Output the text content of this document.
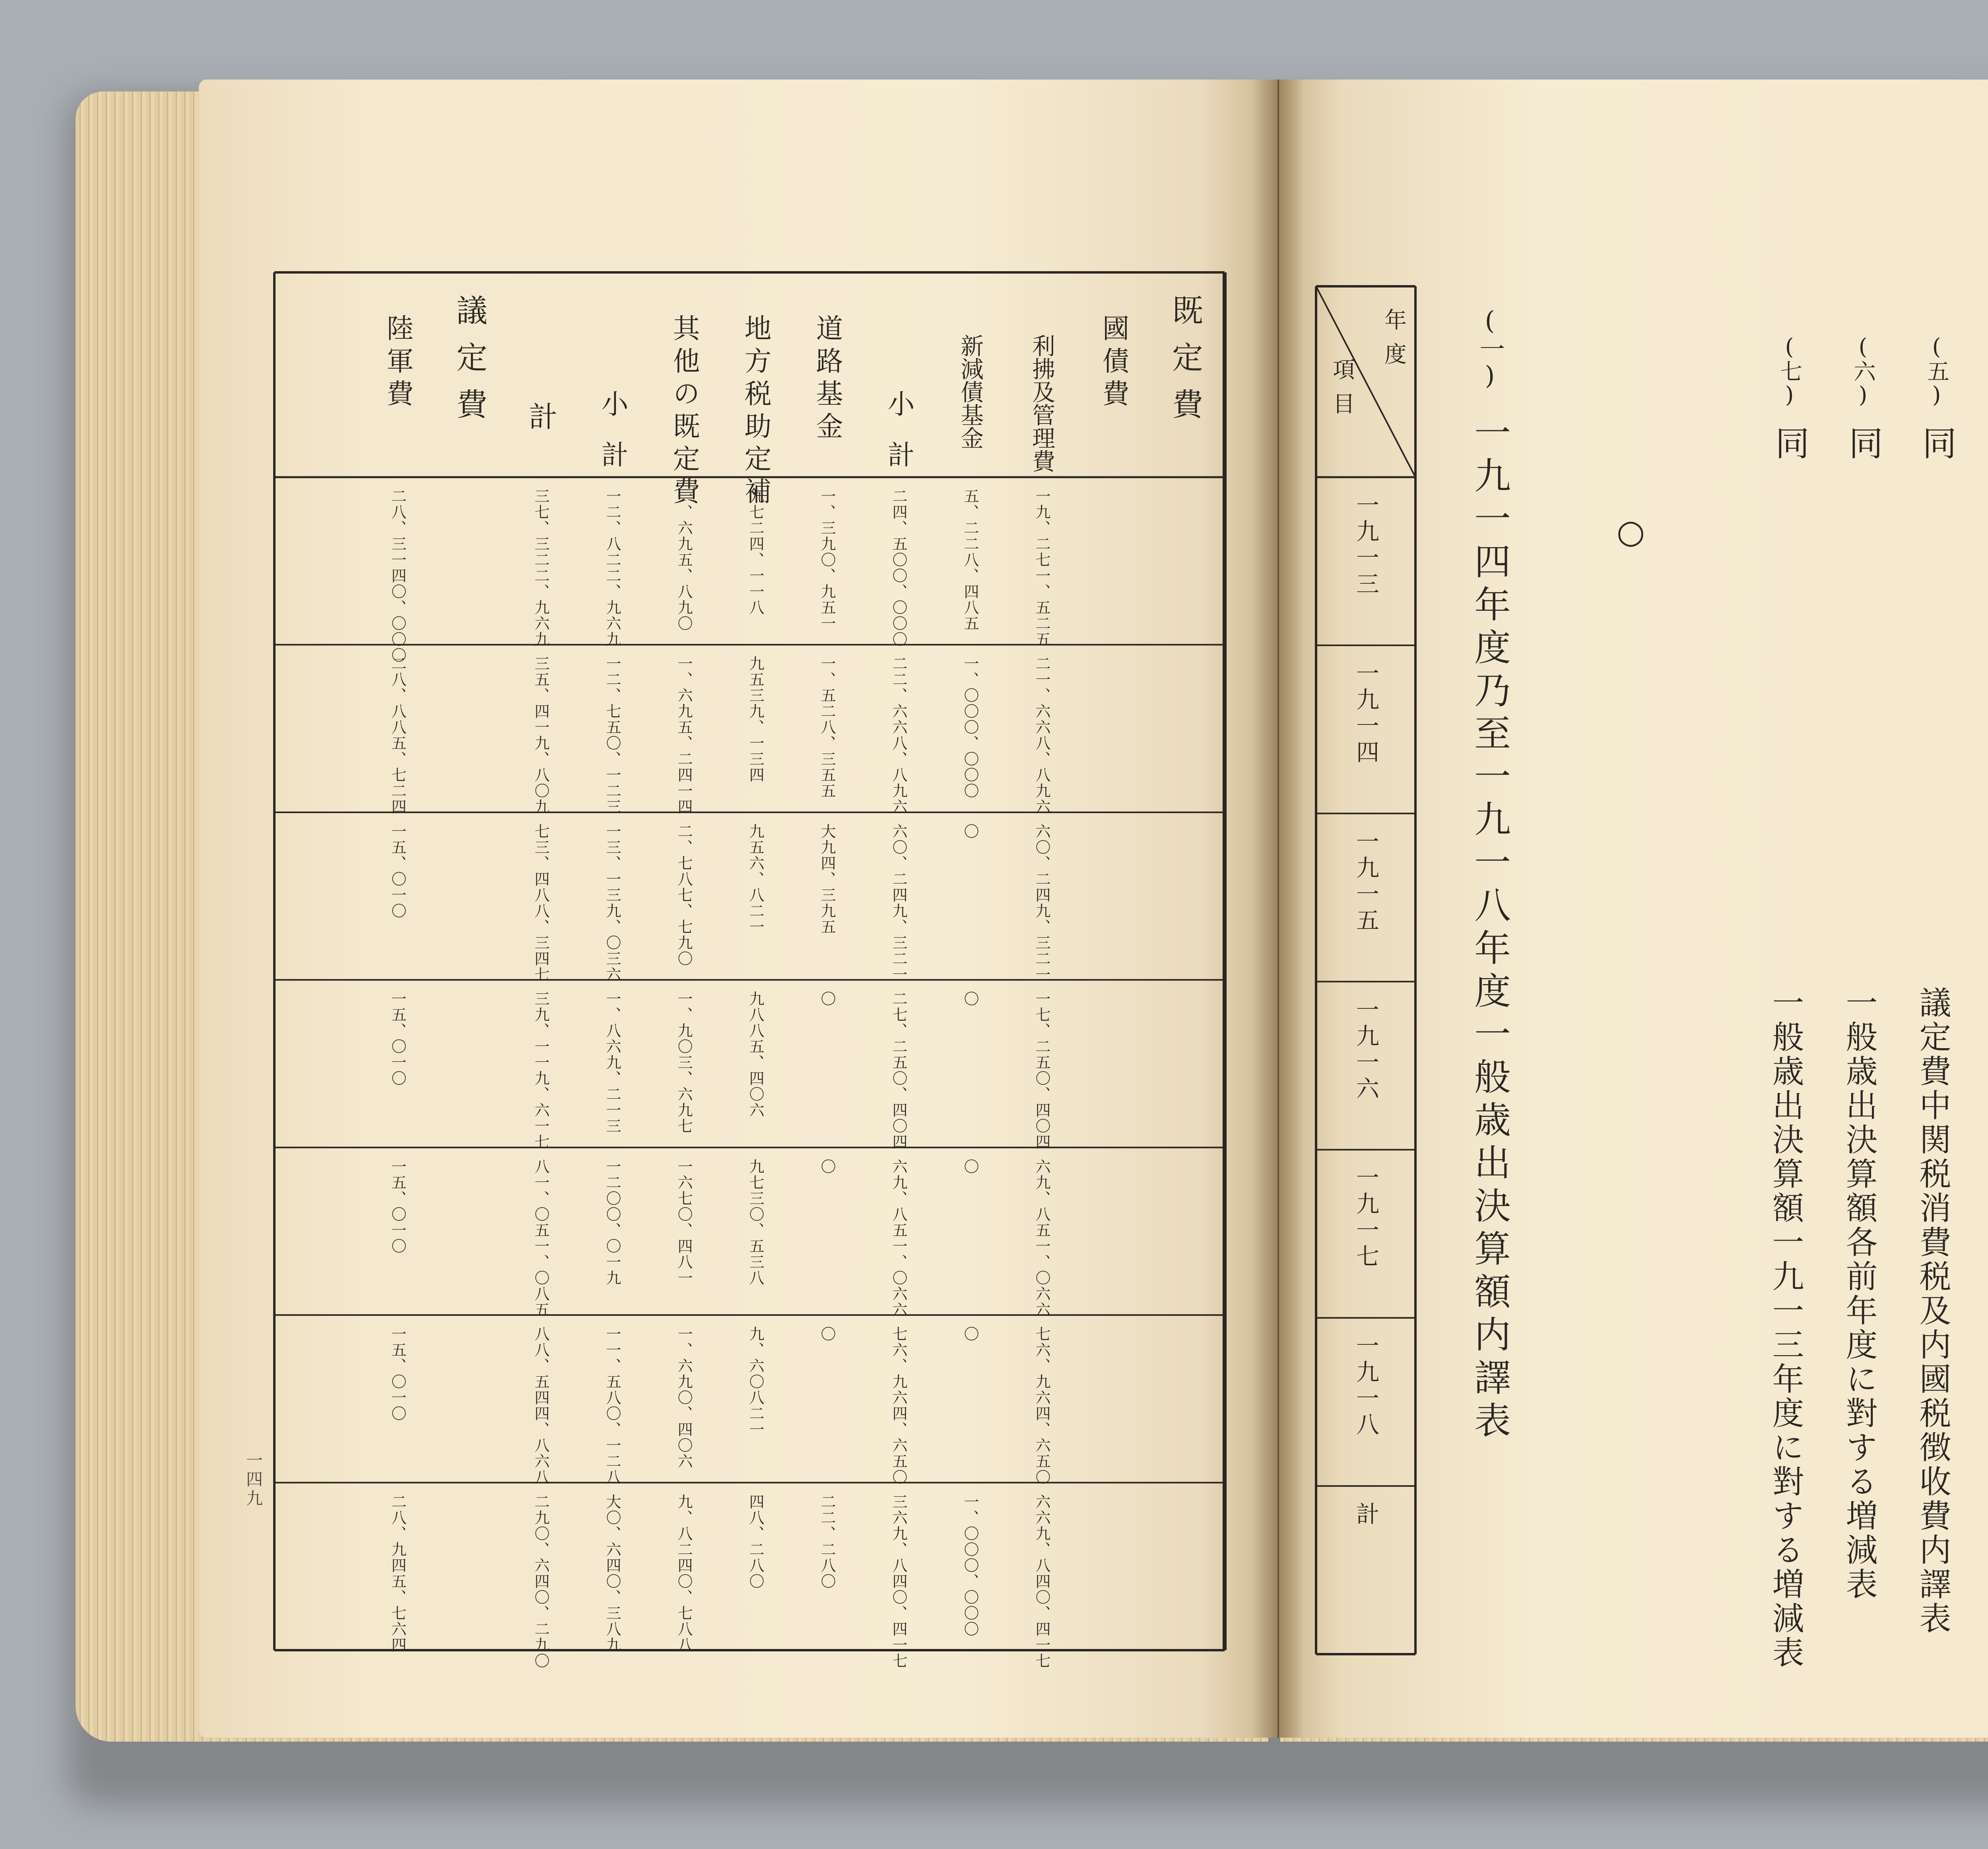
既定費
國債費
利拂及管理費
新減債基金
小計
道路基金
地方税助定補
其他の既定費
小計
計
議定費
陸軍費
一九、二七一、五二五
五、二二八、四八五
二四、五〇〇、〇〇〇
一、三九〇、九五一
九七二四、一一八
一、六九五、八九〇
一二、八二二、九六九
三七、三二二、九六九
二八、三一四〇、〇〇〇
二一、六六八、八九六
一、〇〇〇、〇〇〇
二二、六六八、八九六
一、五二八、三五五
九五三九、一三四
一、六九五、二四一四
一二、七五〇、一二三
三五、四一九、八〇九
二八、八八五、七二四
六〇、二四九、三二一
〇
六〇、二四九、三二一
大九四、三九五
九五六、八二一
二、七八七、七九〇
一三、一三九、〇三六
七三、四八八、三四七
一五、〇一〇
一七、二五〇、四〇四
〇
二七、二五〇、四〇四
〇
九八八五、四〇六
一、九〇三、六九七
一、八六九、二一三
三九、一一九、六一七
一五、〇一〇
六九、八五一、〇六六
〇
六九、八五一、〇六六
〇
九七三〇、五三八
一六七〇、四八一
一二〇〇、〇一九
八一、〇五一、〇八五
一五、〇一〇
七六、九六四、六五〇
〇
七六、九六四、六五〇
〇
九、六〇八二一
一、六九〇、四〇六
一一、五八〇、一二八
八八、五四四、八六八
一五、〇一〇
六六九、八四〇、四一七
一、〇〇〇、〇〇〇
三六九、八四〇、四一七
二二、二八〇
四八、二八〇
九、八二四〇、七八八
大〇、六四〇、三八九
二九〇、六四〇、二九〇
二八、九四五、七六四
一四九
(五)
同
議定費中関税消費税及内國税徴收費内譯表
(六)
同
一般歳出決算額各前年度に對する増減表
(七)
同
一般歳出決算額一九一三年度に對する増減表
○
(一)
一九一四年度乃至一九一八年度一般歳出決算額内譯表
年度
項目
一九一三
一九一四
一九一五
一九一六
一九一七
一九一八
計
